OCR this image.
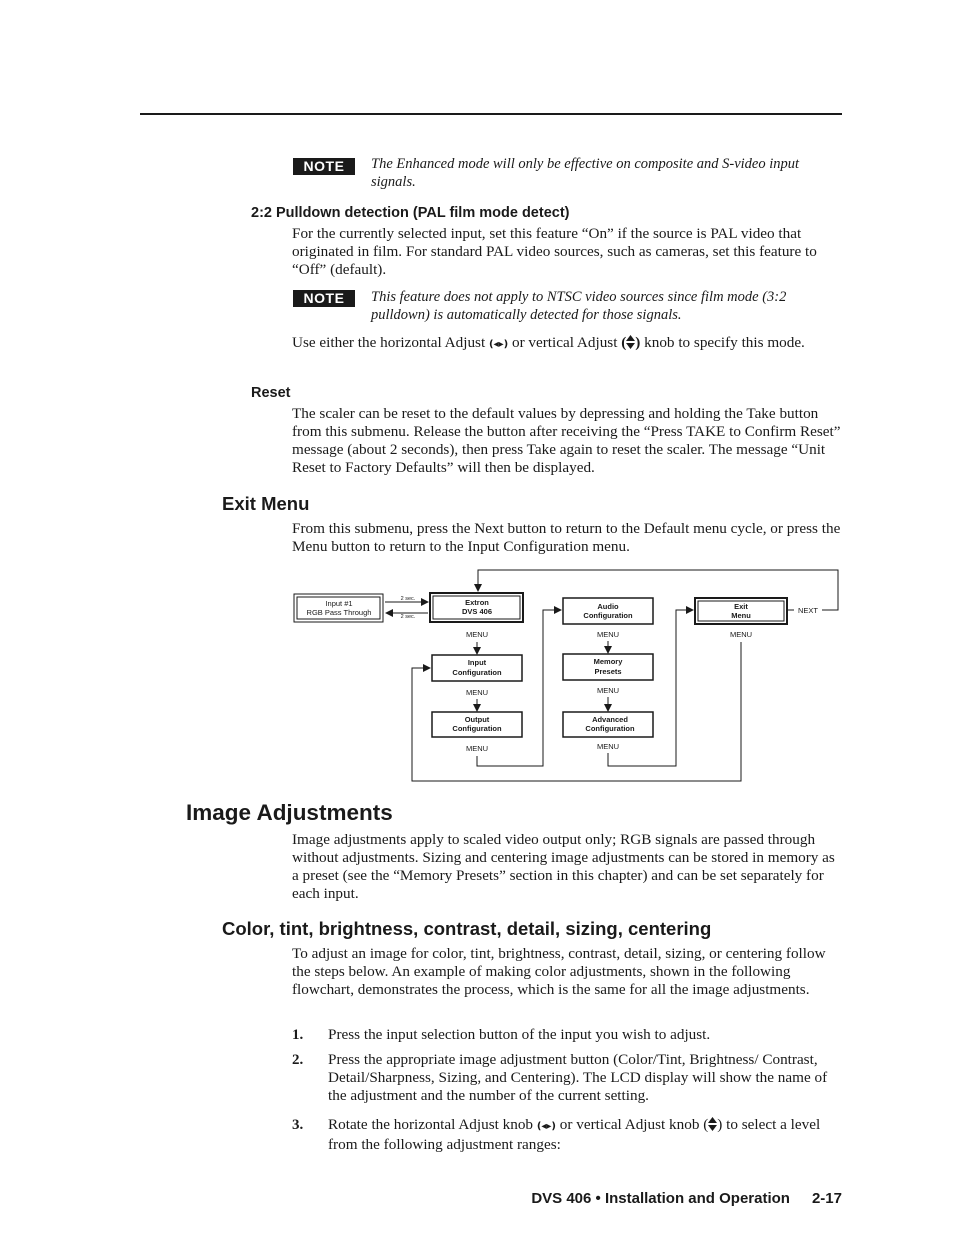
NOTE	The Enhanced mode will only be effective on composite and S-video input signals.
2:2 Pulldown detection (PAL film mode detect)
For the currently selected input, set this feature “On” if the source is PAL video that originated in film. For standard PAL video sources, such as cameras, set this feature to “Off” (default).
NOTE	This feature does not apply to NTSC video sources since film mode (3:2 pulldown) is automatically detected for those signals.
Use either the horizontal Adjust (◂▸) or vertical Adjust ( ) knob to specify this mode.
Reset
The scaler can be reset to the default values by depressing and holding the Take button from this submenu. Release the button after receiving the “Press TAKE to Confirm Reset” message (about 2 seconds), then press Take again to reset the scaler. The message “Unit Reset to Factory Defaults” will then be displayed.
Exit Menu
From this submenu, press the Next button to return to the Default menu cycle, or press the Menu button to return to the Input Configuration menu.
Input #1
RGB Pass Through
Extron
DVS 406
Input
Configuration
Output
Configuration
Audio
Configuration
Memory
Presets
Advanced
Configuration
Exit
Menu
MENU
MENU
MENU
MENU
MENU
MENU
MENU
NEXT
2 sec.
2 sec.
Image Adjustments
Image adjustments apply to scaled video output only; RGB signals are passed through without adjustments. Sizing and centering image adjustments can be stored in memory as a preset (see the “Memory Presets” section in this chapter) and can be set separately for each input.
Color, tint, brightness, contrast, detail, sizing, centering
To adjust an image for color, tint, brightness, contrast, detail, sizing, or centering follow the steps below. An example of making color adjustments, shown in the following flowchart, demonstrates the process, which is the same for all the image adjustments.
1. Press the input selection button of the input you wish to adjust.
2. Press the appropriate image adjustment button (Color/Tint, Brightness/ Contrast, Detail/Sharpness, Sizing, and Centering). The LCD display will show the name of the adjustment and the number of the current setting.
3. Rotate the horizontal Adjust knob (◂▸) or vertical Adjust knob ( ) to select a level from the following adjustment ranges:
DVS 406 • Installation and Operation 2-17
